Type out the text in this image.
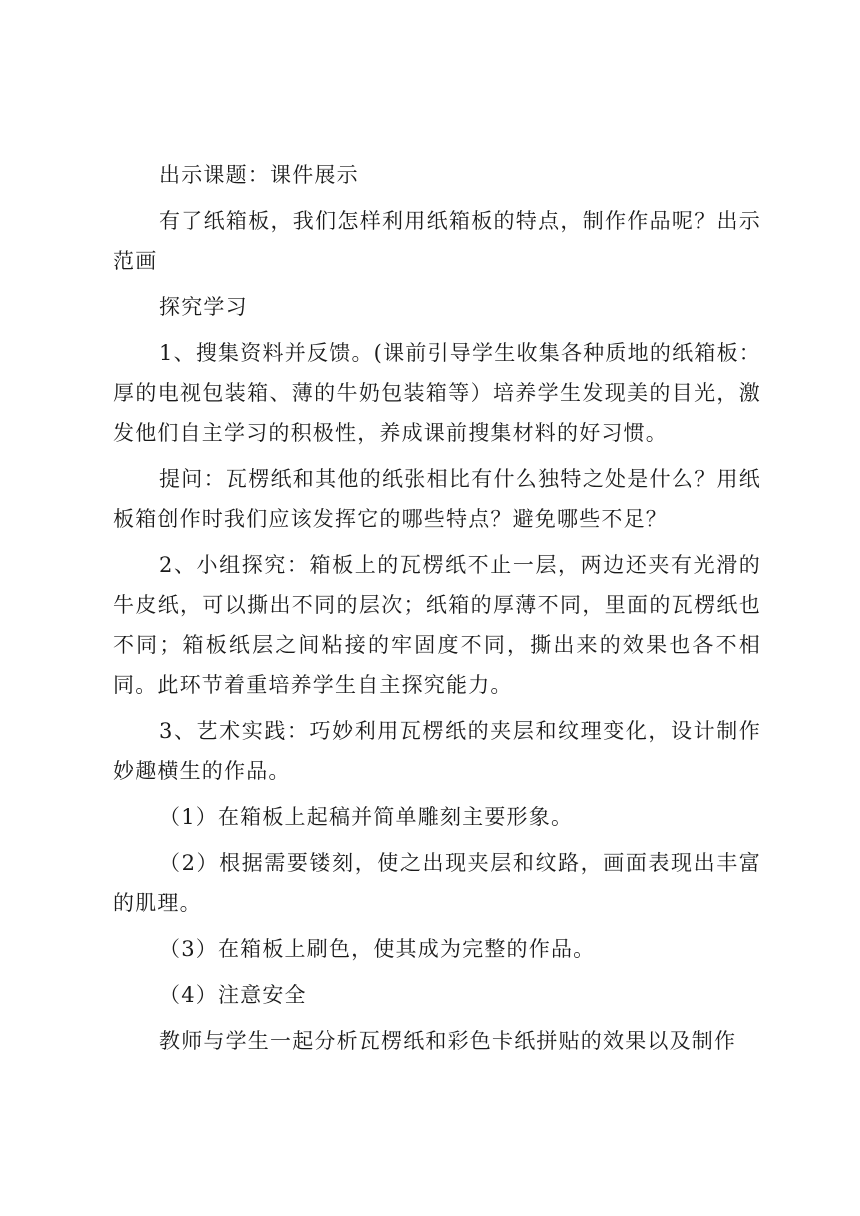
出示课题：课件展示

有了纸箱板，我们怎样利用纸箱板的特点，制作作品呢？出示范画

探究学习

1、搜集资料并反馈。(课前引导学生收集各种质地的纸箱板：厚的电视包装箱、薄的牛奶包装箱等）培养学生发现美的目光，激发他们自主学习的积极性，养成课前搜集材料的好习惯。

提问：瓦楞纸和其他的纸张相比有什么独特之处是什么？用纸板箱创作时我们应该发挥它的哪些特点？避免哪些不足？

2、小组探究：箱板上的瓦楞纸不止一层，两边还夹有光滑的牛皮纸，可以撕出不同的层次；纸箱的厚薄不同，里面的瓦楞纸也不同；箱板纸层之间粘接的牢固度不同，撕出来的效果也各不相同。此环节着重培养学生自主探究能力。

3、艺术实践：巧妙利用瓦楞纸的夹层和纹理变化，设计制作妙趣横生的作品。

（1）在箱板上起稿并简单雕刻主要形象。

（2）根据需要镂刻，使之出现夹层和纹路，画面表现出丰富的肌理。

（3）在箱板上刷色，使其成为完整的作品。

（4）注意安全

教师与学生一起分析瓦楞纸和彩色卡纸拼贴的效果以及制作
